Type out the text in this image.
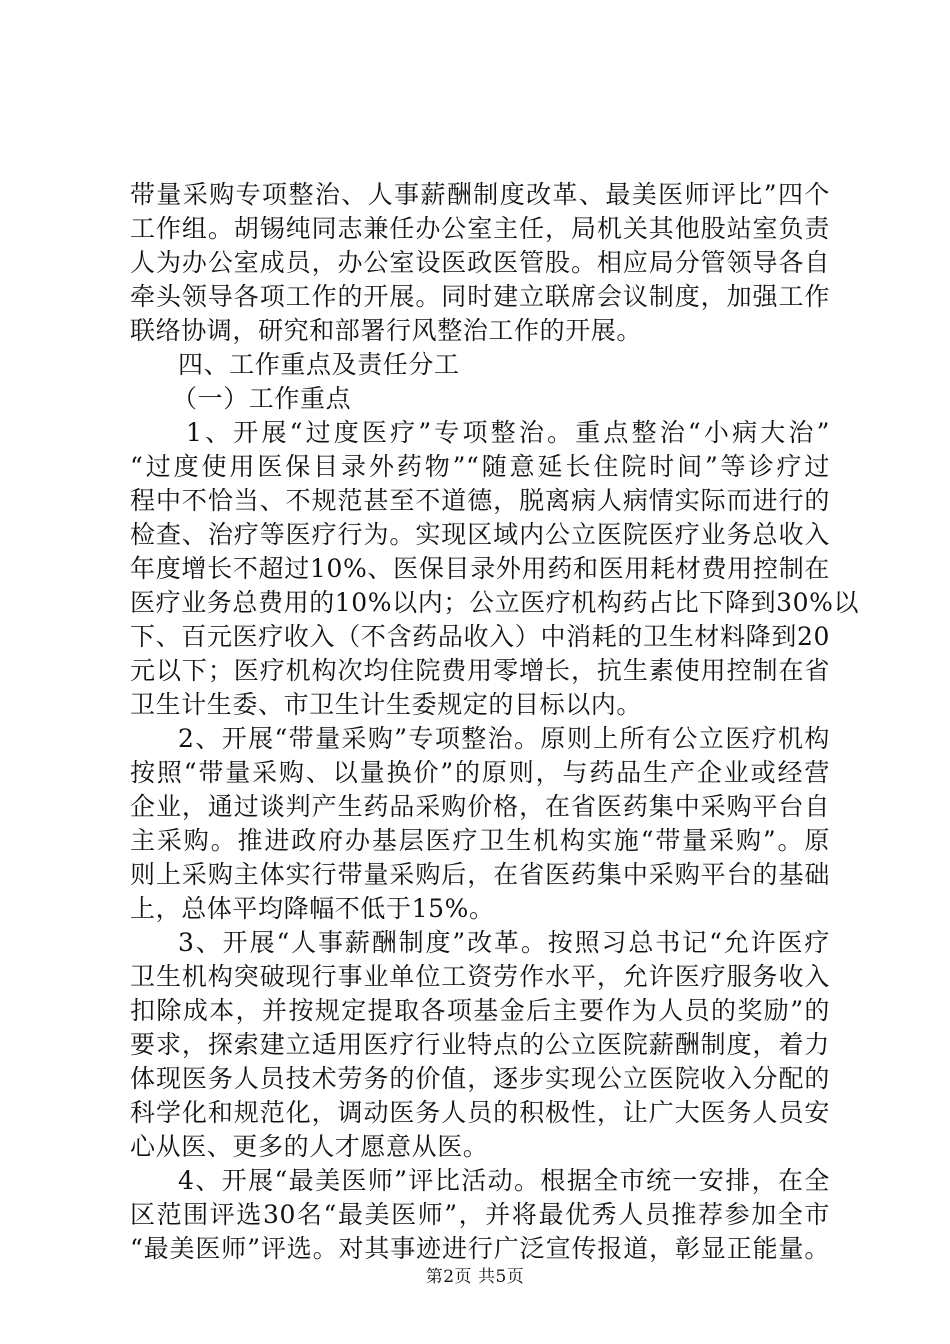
带量采购专项整治、人事薪酬制度改革、最美医师评比”四个
工作组。胡锡纯同志兼任办公室主任，局机关其他股站室负责
人为办公室成员，办公室设医政医管股。相应局分管领导各自
牵头领导各项工作的开展。同时建立联席会议制度，加强工作
联络协调，研究和部署行风整治工作的开展。
四、工作重点及责任分工
（一）工作重点
1、开展“过度医疗”专项整治。重点整治“小病大治”
“过度使用医保目录外药物”“随意延长住院时间”等诊疗过
程中不恰当、不规范甚至不道德，脱离病人病情实际而进行的
检查、治疗等医疗行为。实现区域内公立医院医疗业务总收入
年度增长不超过10%、医保目录外用药和医用耗材费用控制在
医疗业务总费用的10%以内；公立医疗机构药占比下降到30%以
下、百元医疗收入（不含药品收入）中消耗的卫生材料降到20
元以下；医疗机构次均住院费用零增长，抗生素使用控制在省
卫生计生委、市卫生计生委规定的目标以内。
2、开展“带量采购”专项整治。原则上所有公立医疗机构
按照“带量采购、以量换价”的原则，与药品生产企业或经营
企业，通过谈判产生药品采购价格，在省医药集中采购平台自
主采购。推进政府办基层医疗卫生机构实施“带量采购”。原
则上采购主体实行带量采购后，在省医药集中采购平台的基础
上，总体平均降幅不低于15%。
3、开展“人事薪酬制度”改革。按照习总书记“允许医疗
卫生机构突破现行事业单位工资劳作水平，允许医疗服务收入
扣除成本，并按规定提取各项基金后主要作为人员的奖励”的
要求，探索建立适用医疗行业特点的公立医院薪酬制度，着力
体现医务人员技术劳务的价值，逐步实现公立医院收入分配的
科学化和规范化，调动医务人员的积极性，让广大医务人员安
心从医、更多的人才愿意从医。
4、开展“最美医师”评比活动。根据全市统一安排，在全
区范围评选30名“最美医师”，并将最优秀人员推荐参加全市
“最美医师”评选。对其事迹进行广泛宣传报道，彰显正能量。
第2页 共5页
